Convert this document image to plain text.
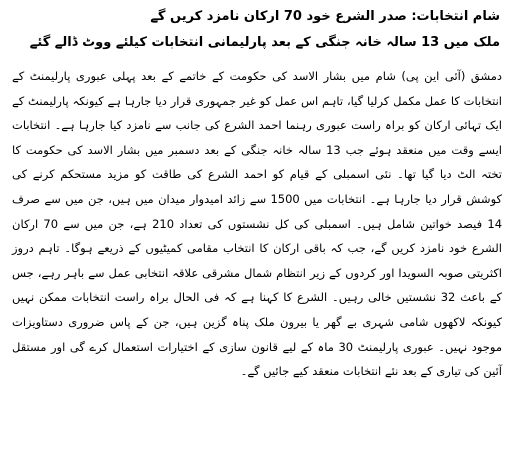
شام انتخابات: صدر الشرع خود 70 ارکان نامزد کریں گے
ملک میں 13 سالہ خانہ جنگی کے بعد پارلیمانی انتخابات کیلئے ووٹ ڈالے گئے

دمشق (آئی این پی) شام میں بشار الاسد کی حکومت کے خاتمے کے بعد پہلی عبوری پارلیمنٹ کے انتخابات کا عمل مکمل کرلیا گیا، تاہم اس عمل کو غیر جمہوری قرار دیا جارہا ہے کیونکہ پارلیمنٹ کے ایک تہائی ارکان کو براہ راست عبوری رہنما احمد الشرع کی جانب سے نامزد کیا جارہا ہے۔ انتخابات ایسے وقت میں منعقد ہوئے جب 13 سالہ خانہ جنگی کے بعد دسمبر میں بشار الاسد کی حکومت کا تختہ الٹ دیا گیا تھا۔ نئی اسمبلی کے قیام کو احمد الشرع کی طاقت کو مزید مستحکم کرنے کی کوشش قرار دیا جارہا ہے۔ انتخابات میں 1500 سے زائد امیدوار میدان میں ہیں، جن میں سے صرف 14 فیصد خواتین شامل ہیں۔ اسمبلی کی کل نشستوں کی تعداد 210 ہے، جن میں سے 70 ارکان الشرع خود نامزد کریں گے، جب کہ باقی ارکان کا انتخاب مقامی کمیٹیوں کے ذریعے ہوگا۔ تاہم دروز اکثریتی صوبہ السویدا اور کردوں کے زیر انتظام شمال مشرقی علاقہ انتخابی عمل سے باہر رہے، جس کے باعث 32 نشستیں خالی رہیں۔ الشرع کا کہنا ہے کہ فی الحال براہ راست انتخابات ممکن نہیں کیونکہ لاکھوں شامی شہری بے گھر یا بیرون ملک پناہ گزین ہیں، جن کے پاس ضروری دستاویزات موجود نہیں۔ عبوری پارلیمنٹ 30 ماہ کے لیے قانون سازی کے اختیارات استعمال کرے گی اور مستقل آئین کی تیاری کے بعد نئے انتخابات منعقد کیے جائیں گے۔
